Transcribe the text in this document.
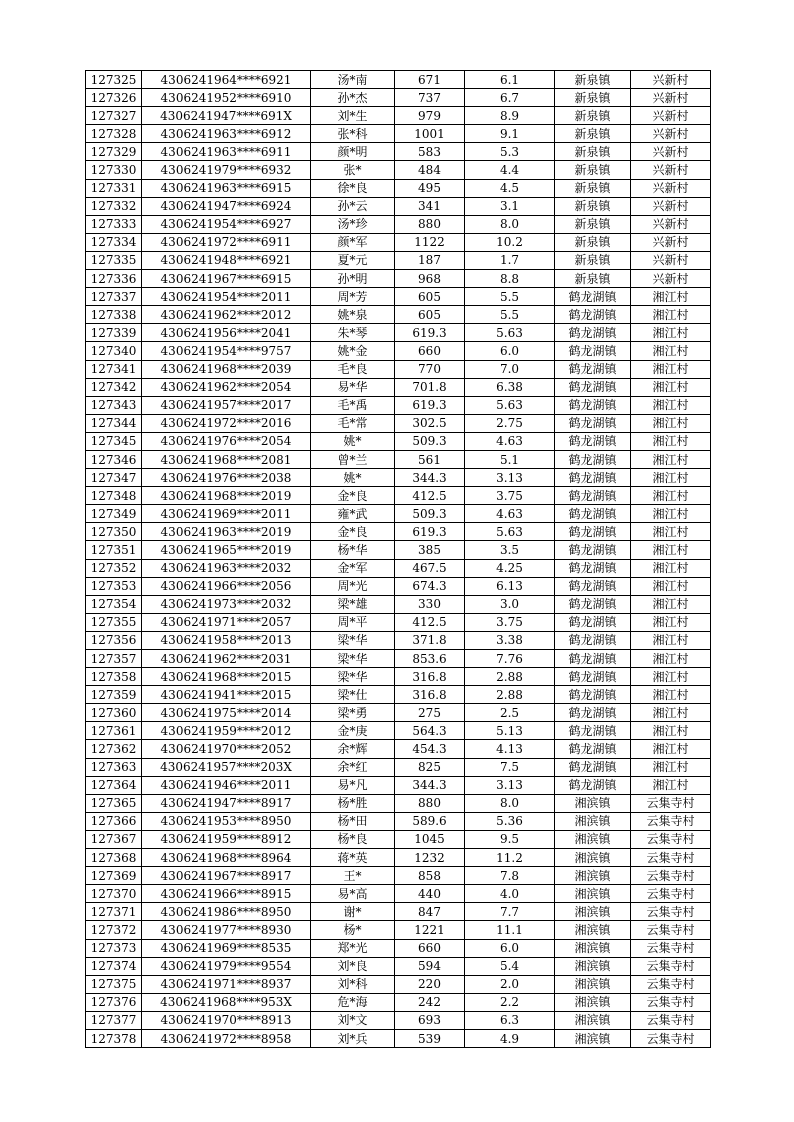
127325	4306241964****6921	汤*南	671	6.1	新泉镇	兴新村
127326	4306241952****6910	孙*杰	737	6.7	新泉镇	兴新村
127327	4306241947****691X	刘*生	979	8.9	新泉镇	兴新村
127328	4306241963****6912	张*科	1001	9.1	新泉镇	兴新村
127329	4306241963****6911	颜*明	583	5.3	新泉镇	兴新村
127330	4306241979****6932	张*	484	4.4	新泉镇	兴新村
127331	4306241963****6915	徐*良	495	4.5	新泉镇	兴新村
127332	4306241947****6924	孙*云	341	3.1	新泉镇	兴新村
127333	4306241954****6927	汤*珍	880	8.0	新泉镇	兴新村
127334	4306241972****6911	颜*军	1122	10.2	新泉镇	兴新村
127335	4306241948****6921	夏*元	187	1.7	新泉镇	兴新村
127336	4306241967****6915	孙*明	968	8.8	新泉镇	兴新村
127337	4306241954****2011	周*芳	605	5.5	鹤龙湖镇	湘江村
127338	4306241962****2012	姚*泉	605	5.5	鹤龙湖镇	湘江村
127339	4306241956****2041	朱*琴	619.3	5.63	鹤龙湖镇	湘江村
127340	4306241954****9757	姚*金	660	6.0	鹤龙湖镇	湘江村
127341	4306241968****2039	毛*良	770	7.0	鹤龙湖镇	湘江村
127342	4306241962****2054	易*华	701.8	6.38	鹤龙湖镇	湘江村
127343	4306241957****2017	毛*禹	619.3	5.63	鹤龙湖镇	湘江村
127344	4306241972****2016	毛*常	302.5	2.75	鹤龙湖镇	湘江村
127345	4306241976****2054	姚*	509.3	4.63	鹤龙湖镇	湘江村
127346	4306241968****2081	曾*兰	561	5.1	鹤龙湖镇	湘江村
127347	4306241976****2038	姚*	344.3	3.13	鹤龙湖镇	湘江村
127348	4306241968****2019	金*良	412.5	3.75	鹤龙湖镇	湘江村
127349	4306241969****2011	雍*武	509.3	4.63	鹤龙湖镇	湘江村
127350	4306241963****2019	金*良	619.3	5.63	鹤龙湖镇	湘江村
127351	4306241965****2019	杨*华	385	3.5	鹤龙湖镇	湘江村
127352	4306241963****2032	金*军	467.5	4.25	鹤龙湖镇	湘江村
127353	4306241966****2056	周*光	674.3	6.13	鹤龙湖镇	湘江村
127354	4306241973****2032	梁*雄	330	3.0	鹤龙湖镇	湘江村
127355	4306241971****2057	周*平	412.5	3.75	鹤龙湖镇	湘江村
127356	4306241958****2013	梁*华	371.8	3.38	鹤龙湖镇	湘江村
127357	4306241962****2031	梁*华	853.6	7.76	鹤龙湖镇	湘江村
127358	4306241968****2015	梁*华	316.8	2.88	鹤龙湖镇	湘江村
127359	4306241941****2015	梁*仕	316.8	2.88	鹤龙湖镇	湘江村
127360	4306241975****2014	梁*勇	275	2.5	鹤龙湖镇	湘江村
127361	4306241959****2012	金*庚	564.3	5.13	鹤龙湖镇	湘江村
127362	4306241970****2052	余*辉	454.3	4.13	鹤龙湖镇	湘江村
127363	4306241957****203X	余*红	825	7.5	鹤龙湖镇	湘江村
127364	4306241946****2011	易*凡	344.3	3.13	鹤龙湖镇	湘江村
127365	4306241947****8917	杨*胜	880	8.0	湘滨镇	云集寺村
127366	4306241953****8950	杨*田	589.6	5.36	湘滨镇	云集寺村
127367	4306241959****8912	杨*良	1045	9.5	湘滨镇	云集寺村
127368	4306241968****8964	蒋*英	1232	11.2	湘滨镇	云集寺村
127369	4306241967****8917	王*	858	7.8	湘滨镇	云集寺村
127370	4306241966****8915	易*高	440	4.0	湘滨镇	云集寺村
127371	4306241986****8950	谢*	847	7.7	湘滨镇	云集寺村
127372	4306241977****8930	杨*	1221	11.1	湘滨镇	云集寺村
127373	4306241969****8535	郑*光	660	6.0	湘滨镇	云集寺村
127374	4306241979****9554	刘*良	594	5.4	湘滨镇	云集寺村
127375	4306241971****8937	刘*科	220	2.0	湘滨镇	云集寺村
127376	4306241968****953X	危*海	242	2.2	湘滨镇	云集寺村
127377	4306241970****8913	刘*文	693	6.3	湘滨镇	云集寺村
127378	4306241972****8958	刘*兵	539	4.9	湘滨镇	云集寺村
